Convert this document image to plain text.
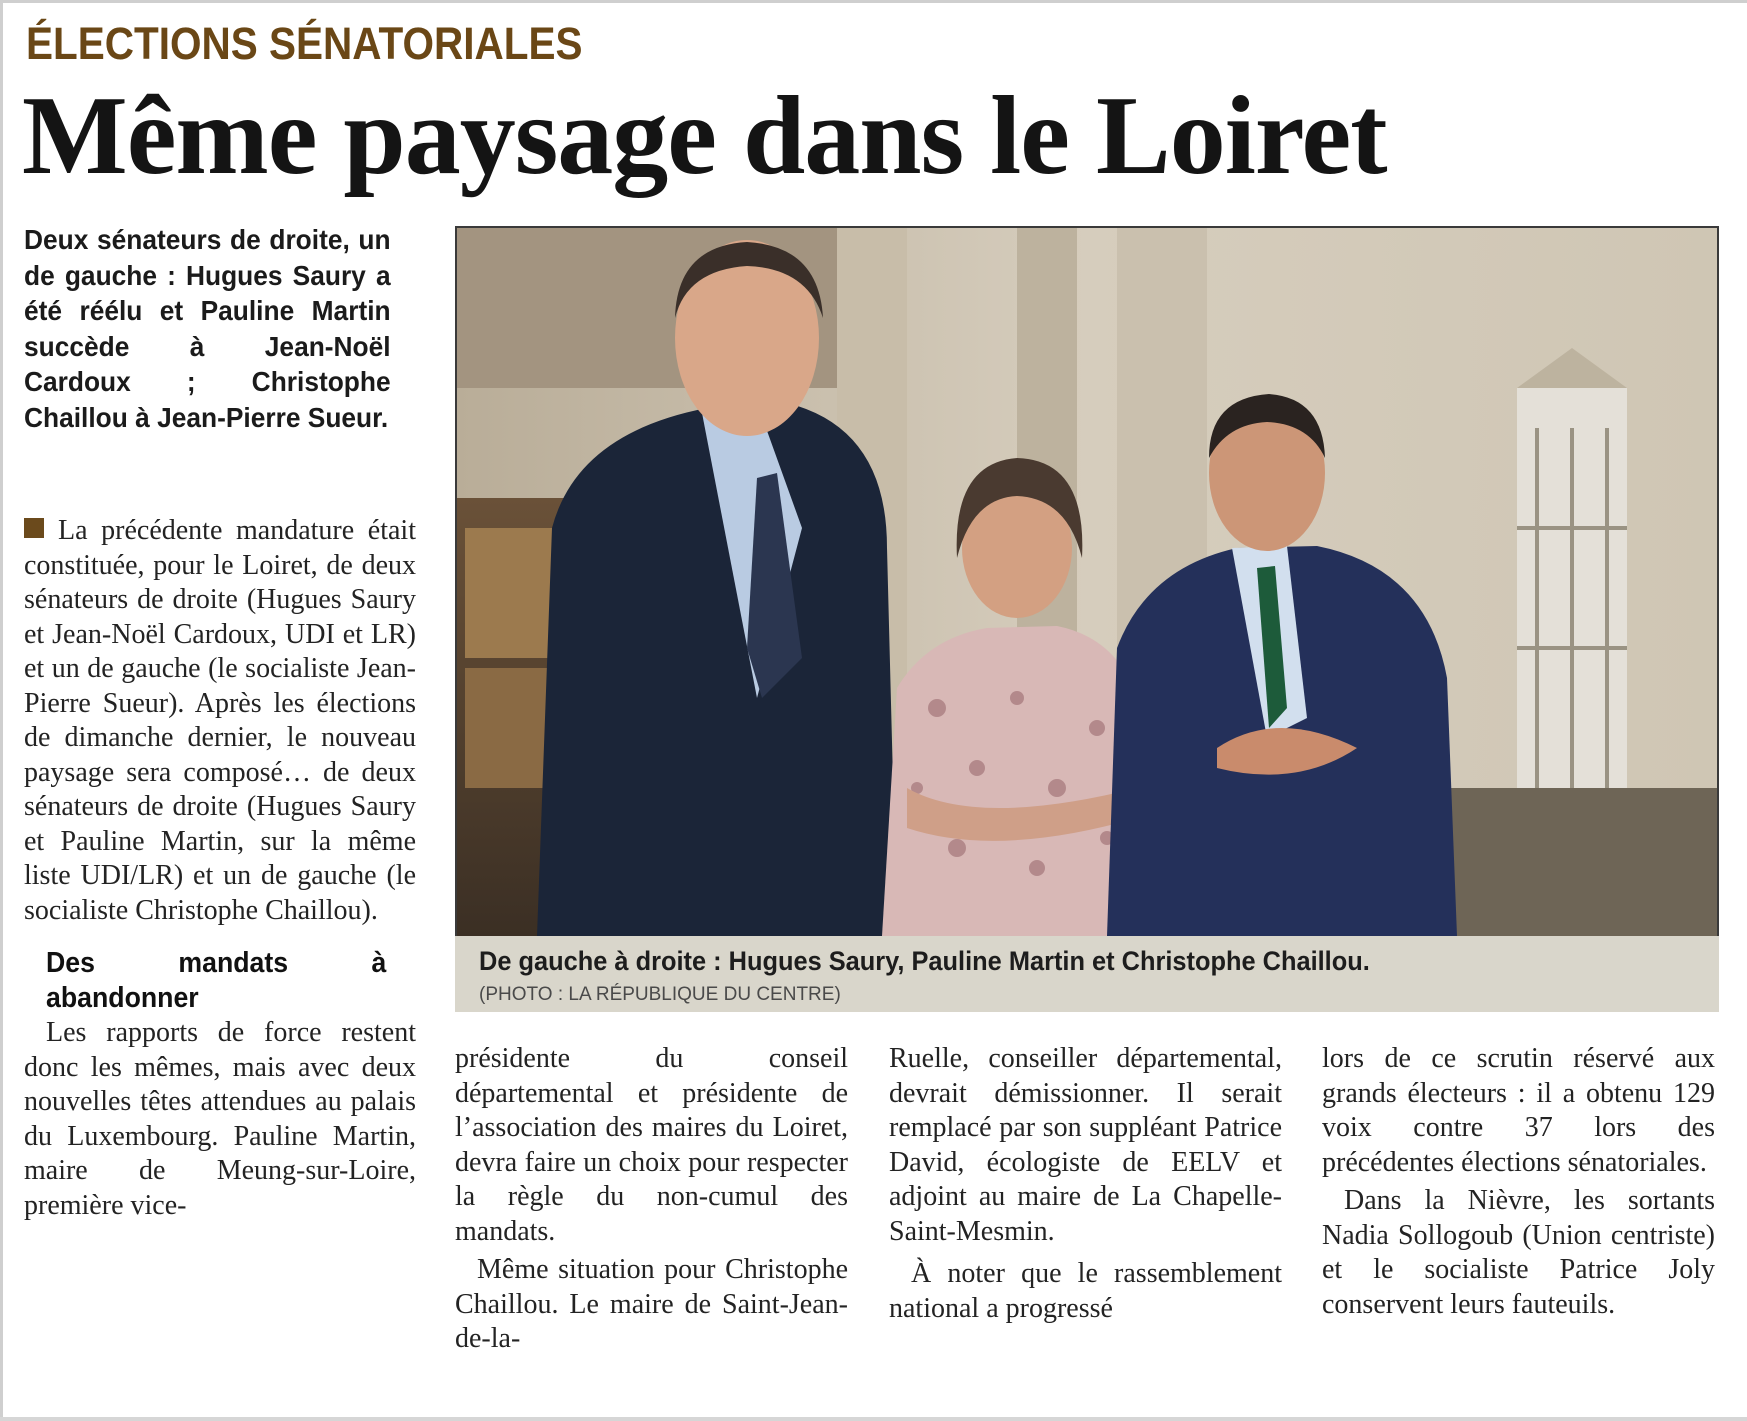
ÉLECTIONS SÉNATORIALES
Même paysage dans le Loiret
Deux sénateurs de droite, un de gauche : Hugues Saury a été réélu et Pauline Martin succède à Jean-Noël Cardoux ; Christophe Chaillou à Jean-Pierre Sueur.

La précédente mandature était constituée, pour le Loiret, de deux sénateurs de droite (Hugues Saury et Jean-Noël Cardoux, UDI et LR) et un de gauche (le socialiste Jean-Pierre Sueur). Après les élections de dimanche dernier, le nouveau paysage sera composé… de deux sénateurs de droite (Hugues Saury et Pauline Martin, sur la même liste UDI/LR) et un de gauche (le socialiste Christophe Chaillou).

Des mandats à abandonner

Les rapports de force restent donc les mêmes, mais avec deux nouvelles têtes attendues au palais du Luxembourg. Pauline Martin, maire de Meung-sur-Loire, première vice-

De gauche à droite : Hugues Saury, Pauline Martin et Christophe Chaillou.
(PHOTO : LA RÉPUBLIQUE DU CENTRE)

présidente du conseil départemental et présidente de l’association des maires du Loiret, devra faire un choix pour respecter la règle du non-cumul des mandats.

Même situation pour Christophe Chaillou. Le maire de Saint-Jean-de-la-

Ruelle, conseiller départemental, devrait démissionner. Il serait remplacé par son suppléant Patrice David, écologiste de EELV et adjoint au maire de La Chapelle-Saint-Mesmin.

À noter que le rassemblement national a progressé

lors de ce scrutin réservé aux grands électeurs : il a obtenu 129 voix contre 37 lors des précédentes élections sénatoriales.

Dans la Nièvre, les sortants Nadia Sollogoub (Union centriste) et le socialiste Patrice Joly conservent leurs fauteuils.
